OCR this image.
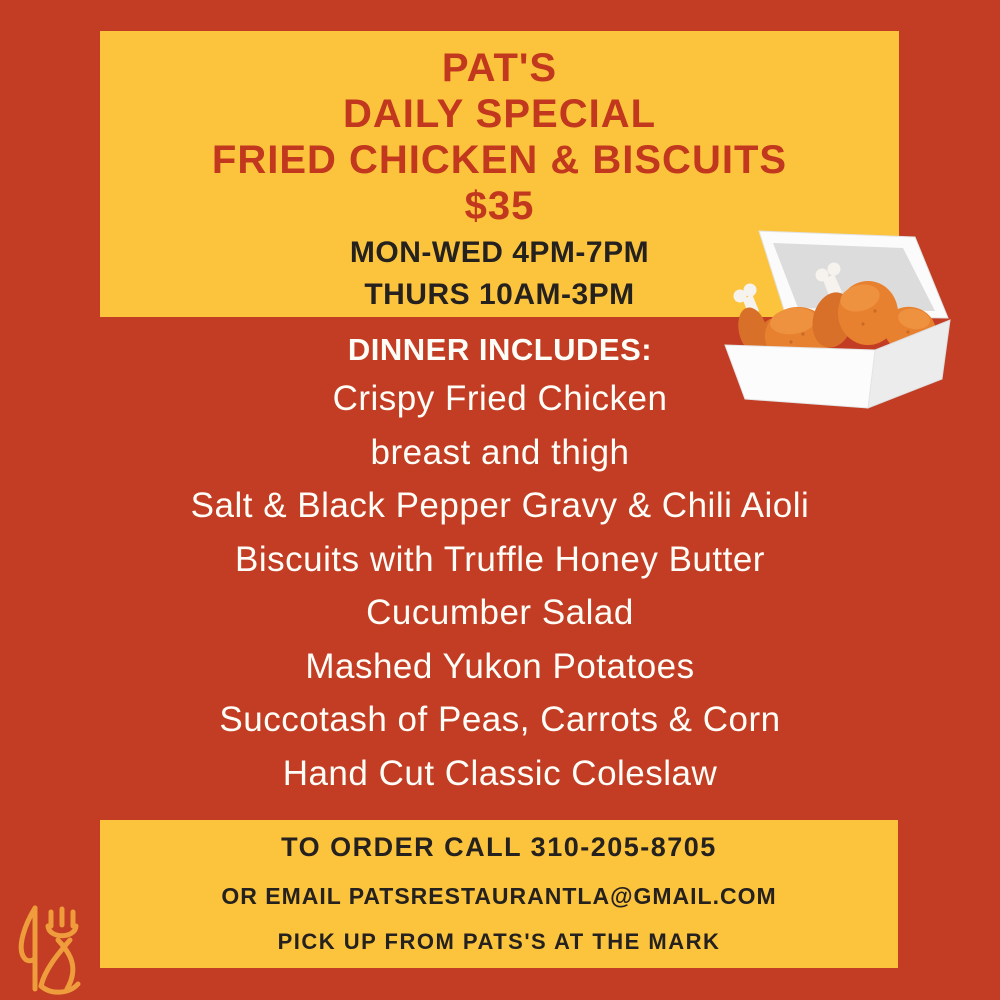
PAT'S
DAILY SPECIAL
FRIED CHICKEN & BISCUITS
$35
MON-WED 4PM-7PM
THURS 10AM-3PM
DINNER INCLUDES:
Crispy Fried Chicken
breast and thigh
Salt & Black Pepper Gravy & Chili Aioli
Biscuits with Truffle Honey Butter
Cucumber Salad
Mashed Yukon Potatoes
Succotash of Peas, Carrots & Corn
Hand Cut Classic Coleslaw
TO ORDER CALL 310-205-8705
OR EMAIL PATSRESTAURANTLA@GMAIL.COM
PICK UP FROM PATS'S AT THE MARK
